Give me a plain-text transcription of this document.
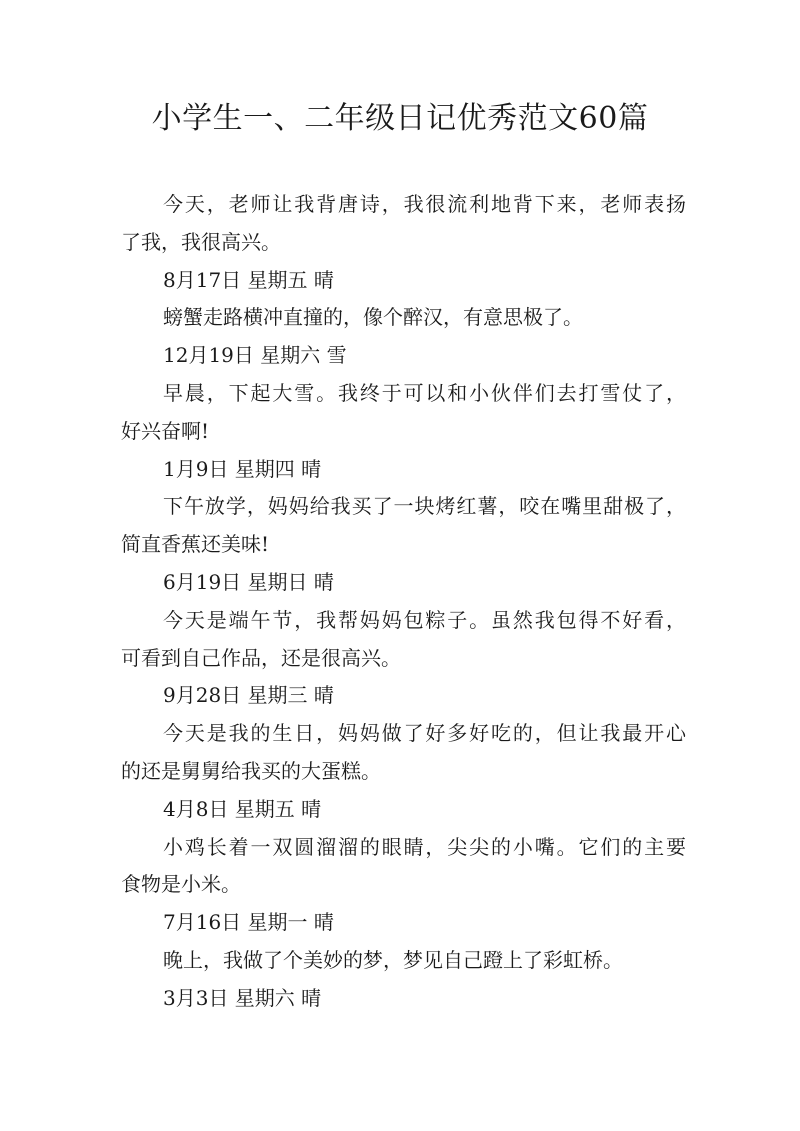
小学生一、二年级日记优秀范文60篇

今天，老师让我背唐诗，我很流利地背下来，老师表扬

了我，我很高兴。

8月17日 星期五 晴

螃蟹走路横冲直撞的，像个醉汉，有意思极了。

12月19日 星期六 雪

早晨，下起大雪。我终于可以和小伙伴们去打雪仗了，

好兴奋啊!

1月9日 星期四 晴

下午放学，妈妈给我买了一块烤红薯，咬在嘴里甜极了，

简直香蕉还美味!

6月19日 星期日 晴

今天是端午节，我帮妈妈包粽子。虽然我包得不好看，

可看到自己作品，还是很高兴。

9月28日 星期三 晴

今天是我的生日，妈妈做了好多好吃的，但让我最开心

的还是舅舅给我买的大蛋糕。

4月8日 星期五 晴

小鸡长着一双圆溜溜的眼睛，尖尖的小嘴。它们的主要

食物是小米。

7月16日 星期一 晴

晚上，我做了个美妙的梦，梦见自己蹬上了彩虹桥。

3月3日 星期六 晴
